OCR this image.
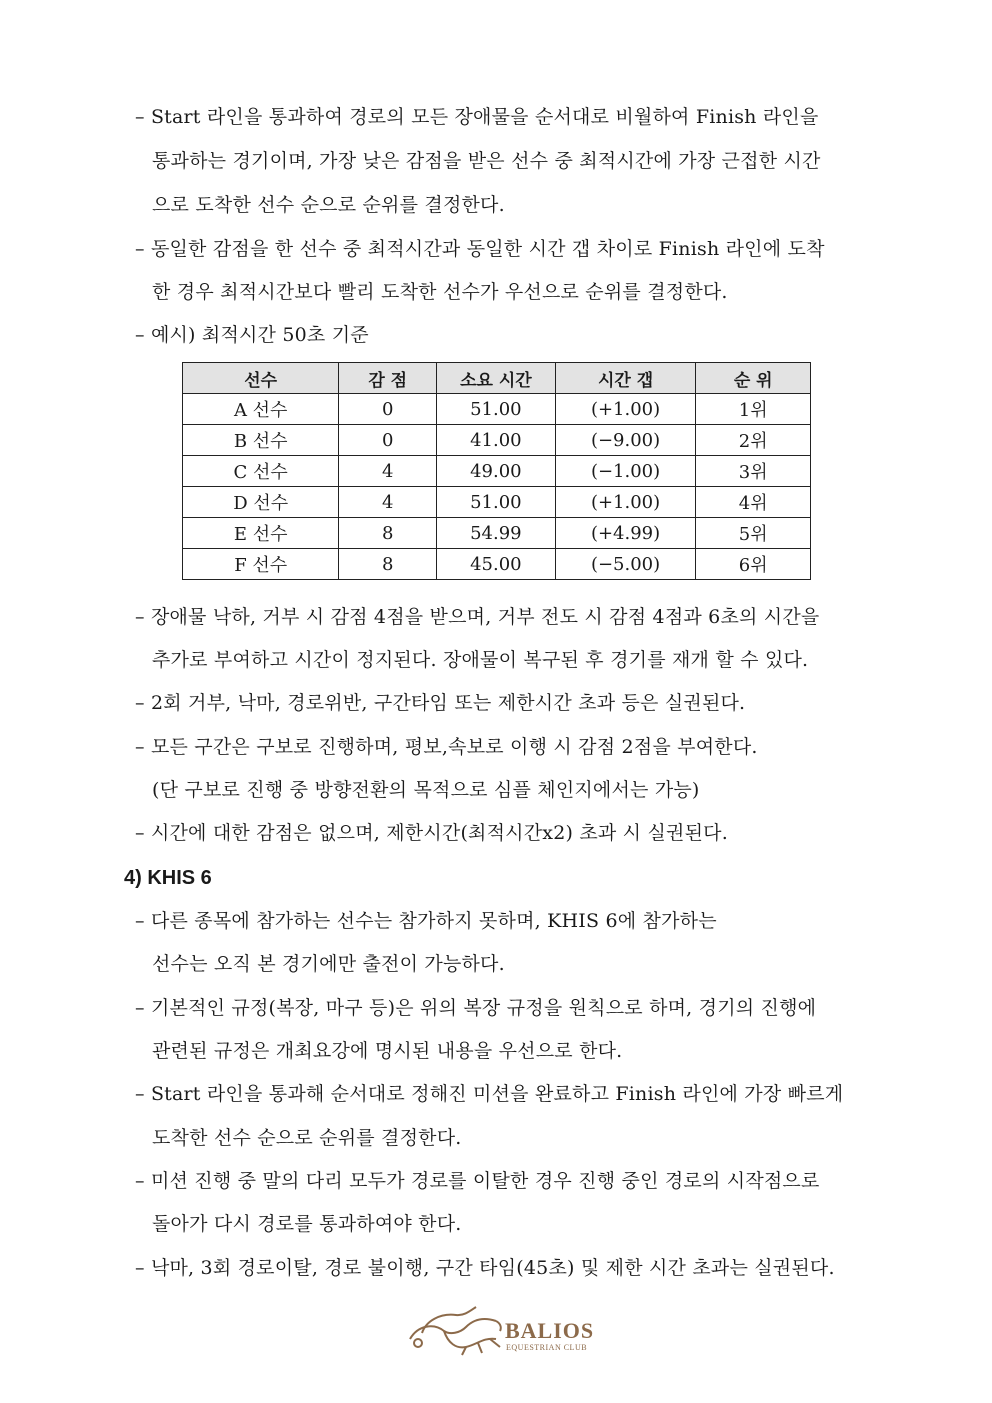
– Start 라인을 통과하여 경로의 모든 장애물을 순서대로 비월하여 Finish 라인을
통과하는 경기이며, 가장 낮은 감점을 받은 선수 중 최적시간에 가장 근접한 시간
으로 도착한 선수 순으로 순위를 결정한다.
– 동일한 감점을 한 선수 중 최적시간과 동일한 시간 갭 차이로 Finish 라인에 도착
한 경우 최적시간보다 빨리 도착한 선수가 우선으로 순위를 결정한다.
– 예시) 최적시간 50초 기준
선수	감 점	소요 시간	시간 갭	순 위
A 선수	0	51.00	(+1.00)	1위
B 선수	0	41.00	(−9.00)	2위
C 선수	4	49.00	(−1.00)	3위
D 선수	4	51.00	(+1.00)	4위
E 선수	8	54.99	(+4.99)	5위
F 선수	8	45.00	(−5.00)	6위
– 장애물 낙하, 거부 시 감점 4점을 받으며, 거부 전도 시 감점 4점과 6초의 시간을
추가로 부여하고 시간이 정지된다. 장애물이 복구된 후 경기를 재개 할 수 있다.
– 2회 거부, 낙마, 경로위반, 구간타임 또는 제한시간 초과 등은 실권된다.
– 모든 구간은 구보로 진행하며, 평보,속보로 이행 시 감점 2점을 부여한다.
(단 구보로 진행 중 방향전환의 목적으로 심플 체인지에서는 가능)
– 시간에 대한 감점은 없으며, 제한시간(최적시간x2) 초과 시 실권된다.
4) KHIS 6
– 다른 종목에 참가하는 선수는 참가하지 못하며, KHIS 6에 참가하는
선수는 오직 본 경기에만 출전이 가능하다.
– 기본적인 규정(복장, 마구 등)은 위의 복장 규정을 원칙으로 하며, 경기의 진행에
관련된 규정은 개최요강에 명시된 내용을 우선으로 한다.
– Start 라인을 통과해 순서대로 정해진 미션을 완료하고 Finish 라인에 가장 빠르게
도착한 선수 순으로 순위를 결정한다.
– 미션 진행 중 말의 다리 모두가 경로를 이탈한 경우 진행 중인 경로의 시작점으로
돌아가 다시 경로를 통과하여야 한다.
– 낙마, 3회 경로이탈, 경로 불이행, 구간 타임(45초) 및 제한 시간 초과는 실권된다.
BALIOS
EQUESTRIAN CLUB
